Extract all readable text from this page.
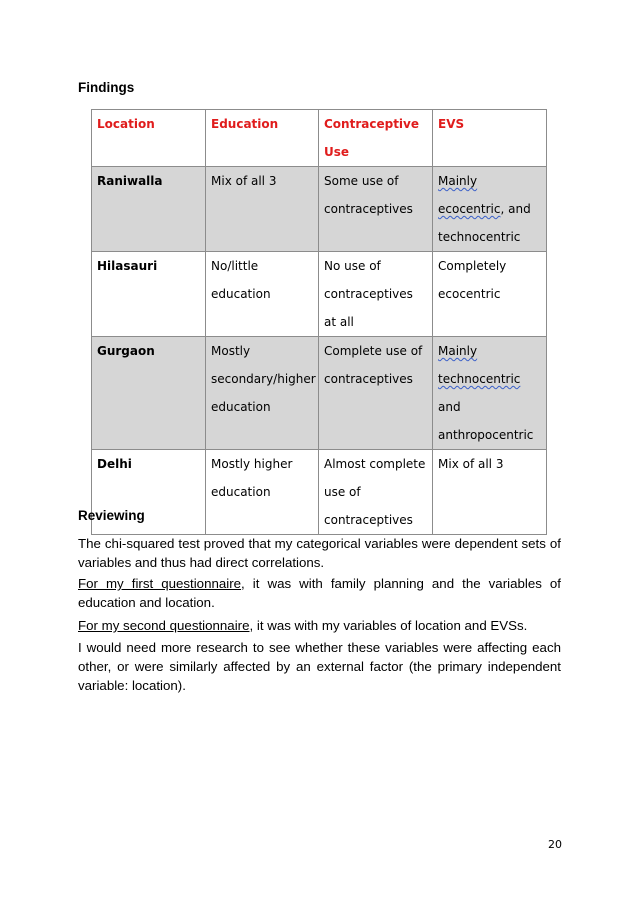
Findings
Location	Education	Contraceptive Use	EVS
Raniwalla	Mix of all 3	Some use of contraceptives	Mainly ecocentric, and technocentric
Hilasauri	No/little education	No use of contraceptives at all	Completely ecocentric
Gurgaon	Mostly secondary/higher education	Complete use of contraceptives	Mainly technocentric and anthropocentric
Delhi	Mostly higher education	Almost complete use of contraceptives	Mix of all 3
Reviewing
The chi-squared test proved that my categorical variables were dependent sets of variables and thus had direct correlations.
For my first questionnaire, it was with family planning and the variables of education and location.
For my second questionnaire, it was with my variables of location and EVSs.
I would need more research to see whether these variables were affecting each other, or were similarly affected by an external factor (the primary independent variable: location).
20
